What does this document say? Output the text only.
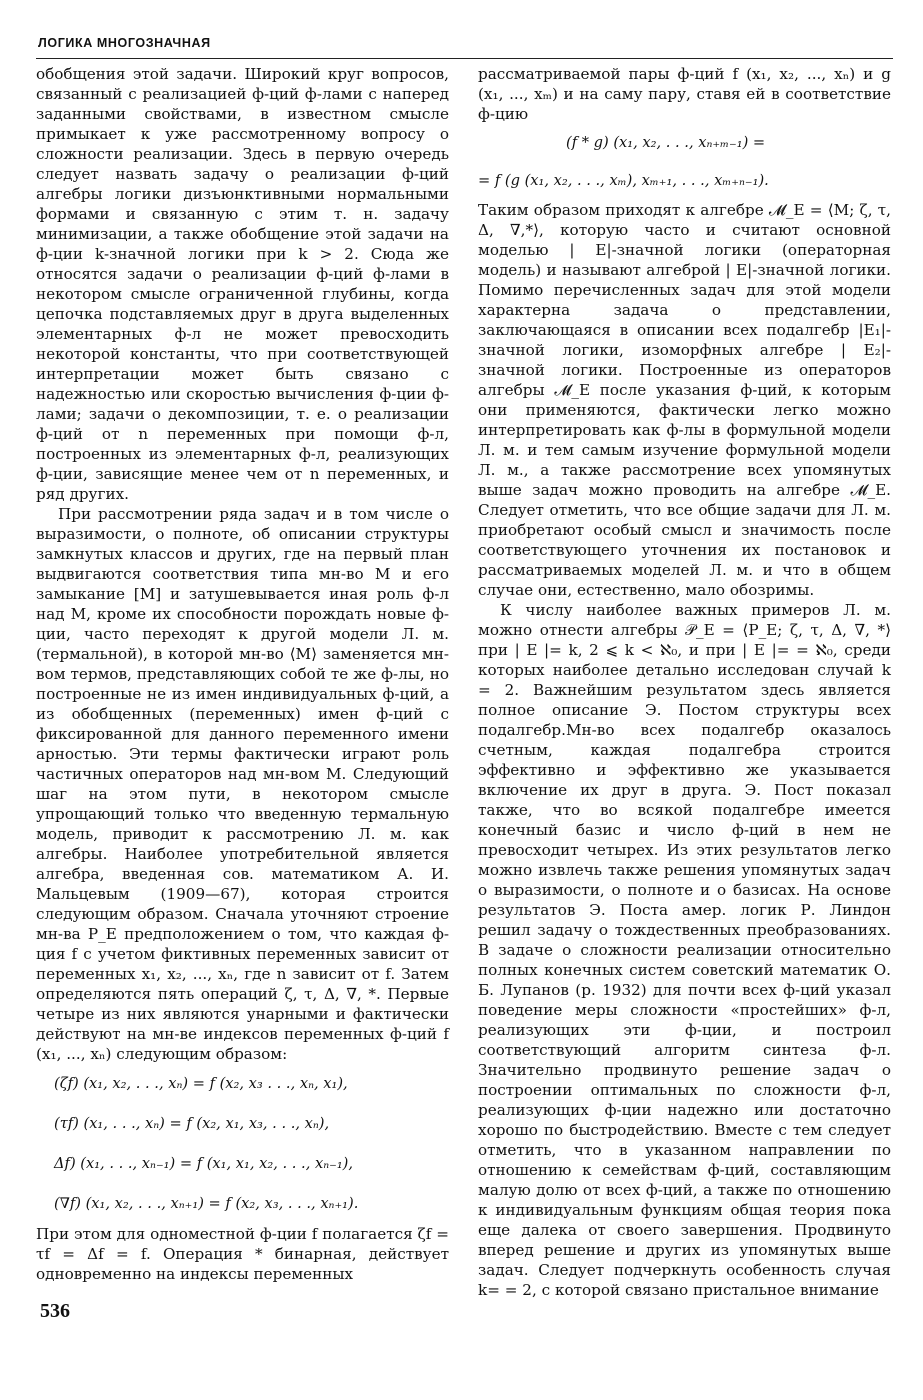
ЛОГИКА МНОГОЗНАЧНАЯ

обобщения этой задачи. Широкий круг вопросов, связанный с реализацией ф-ций ф-лами с наперед заданными свойствами, в известном смысле примыкает к уже рассмотренному вопросу о сложности реализации. Здесь в первую очередь следует назвать задачу о реализации ф-ций алгебры логики дизъюнктивными нормальными формами и связанную с этим т. н. задачу минимизации, а также обобщение этой задачи на ф-ции k-значной логики при k > 2. Сюда же относятся задачи о реализации ф-ций ф-лами в некотором смысле ограниченной глубины, когда цепочка подставляемых друг в друга выделенных элементарных ф-л не может превосходить некоторой константы, что при соответствующей интерпретации может быть связано с надежностью или скоростью вычисления ф-ции ф-лами; задачи о декомпозиции, т. е. о реализации ф-ций от n переменных при помощи ф-л, построенных из элементарных ф-л, реализующих ф-ции, зависящие менее чем от n переменных, и ряд других.

При рассмотрении ряда задач и в том числе о выразимости, о полноте, об описании структуры замкнутых классов и других, где на первый план выдвигаются соответствия типа мн-во M и его замыкание [M] и затушевывается иная роль ф-л над M, кроме их способности порождать новые ф-ции, часто переходят к другой модели Л. м. (термальной), в которой мн-во ⟨M⟩ заменяется мн-вом термов, представляющих собой те же ф-лы, но построенные не из имен индивидуальных ф-ций, а из обобщенных (переменных) имен ф-ций с фиксированной для данного переменного имени арностью. Эти термы фактически играют роль частичных операторов над мн-вом M. Следующий шаг на этом пути, в некотором смысле упрощающий только что введенную термальную модель, приводит к рассмотрению Л. м. как алгебры. Наиболее употребительной является алгебра, введенная сов. математиком А. И. Мальцевым (1909—67), которая строится следующим образом. Сначала уточняют строение мн-ва P_E предположением о том, что каждая ф-ция f с учетом фиктивных переменных зависит от переменных x₁, x₂, ..., xₙ, где n зависит от f. Затем определяются пять операций ζ, τ, Δ, ∇, *. Первые четыре из них являются унарными и фактически действуют на мн-ве индексов переменных ф-ций f (x₁, ..., xₙ) следующим образом:

(ζf) (x₁, x₂, . . ., xₙ) = f (x₂, x₃ . . ., xₙ, x₁),

(τf) (x₁, . . ., xₙ) = f (x₂, x₁, x₃, . . ., xₙ),

Δf) (x₁, . . ., xₙ₋₁) = f (x₁, x₁, x₂, . . ., xₙ₋₁),

(∇f) (x₁, x₂, . . ., xₙ₊₁) = f (x₂, x₃, . . ., xₙ₊₁).

При этом для одноместной ф-ции f полагается ζf = τf = Δf = f. Операция * бинарная, действует одновременно на индексы переменных

рассматриваемой пары ф-ций f (x₁, x₂, ..., xₙ) и g (x₁, ..., xₘ) и на саму пару, ставя ей в соответствие ф-цию

(f * g) (x₁, x₂, . . ., xₙ₊ₘ₋₁) =

= f (g (x₁, x₂, . . ., xₘ), xₘ₊₁, . . ., xₘ₊ₙ₋₁).

Таким образом приходят к алгебре 𝓜_E = ⟨M; ζ, τ, Δ, ∇,*⟩, которую часто и считают основной моделью | E|-значной логики (операторная модель) и называют алгеброй | E|-значной логики. Помимо перечисленных задач для этой модели характерна задача о представлении, заключающаяся в описании всех подалгебр |E₁|-значной логики, изоморфных алгебре | E₂|-значной логики. Построенные из операторов алгебры 𝓜_E после указания ф-ций, к которым они применяются, фактически легко можно интерпретировать как ф-лы в формульной модели Л. м. и тем самым изучение формульной модели Л. м., а также рассмотрение всех упомянутых выше задач можно проводить на алгебре 𝓜_E. Следует отметить, что все общие задачи для Л. м. приобретают особый смысл и значимость после соответствующего уточнения их постановок и рассматриваемых моделей Л. м. и что в общем случае они, естественно, мало обозримы.

К числу наиболее важных примеров Л. м. можно отнести алгебры 𝒫_E = ⟨P_E; ζ, τ, Δ, ∇, *⟩ при | E |= k, 2 ⩽ k < ℵ₀, и при | E |= = ℵ₀, среди которых наиболее детально исследован случай k = 2. Важнейшим результатом здесь является полное описание Э. Постом структуры всех подалгебр.Мн-во всех подалгебр оказалось счетным, каждая подалгебра строится эффективно и эффективно же указывается включение их друг в друга. Э. Пост показал также, что во всякой подалгебре имеется конечный базис и число ф-ций в нем не превосходит четырех. Из этих результатов легко можно извлечь также решения упомянутых задач о выразимости, о полноте и о базисах. На основе результатов Э. Поста амер. логик Р. Линдон решил задачу о тождественных преобразованиях. В задаче о сложности реализации относительно полных конечных систем советский математик О. Б. Лупанов (р. 1932) для почти всех ф-ций указал поведение меры сложности «простейших» ф-л, реализующих эти ф-ции, и построил соответствующий алгоритм синтеза ф-л. Значительно продвинуто решение задач о построении оптимальных по сложности ф-л, реализующих ф-ции надежно или достаточно хорошо по быстродействию. Вместе с тем следует отметить, что в указанном направлении по отношению к семействам ф-ций, составляющим малую долю от всех ф-ций, а также по отношению к индивидуальным функциям общая теория пока еще далека от своего завершения. Продвинуто вперед решение и других из упомянутых выше задач. Следует подчеркнуть особенность случая k= = 2, с которой связано пристальное внимание

536
